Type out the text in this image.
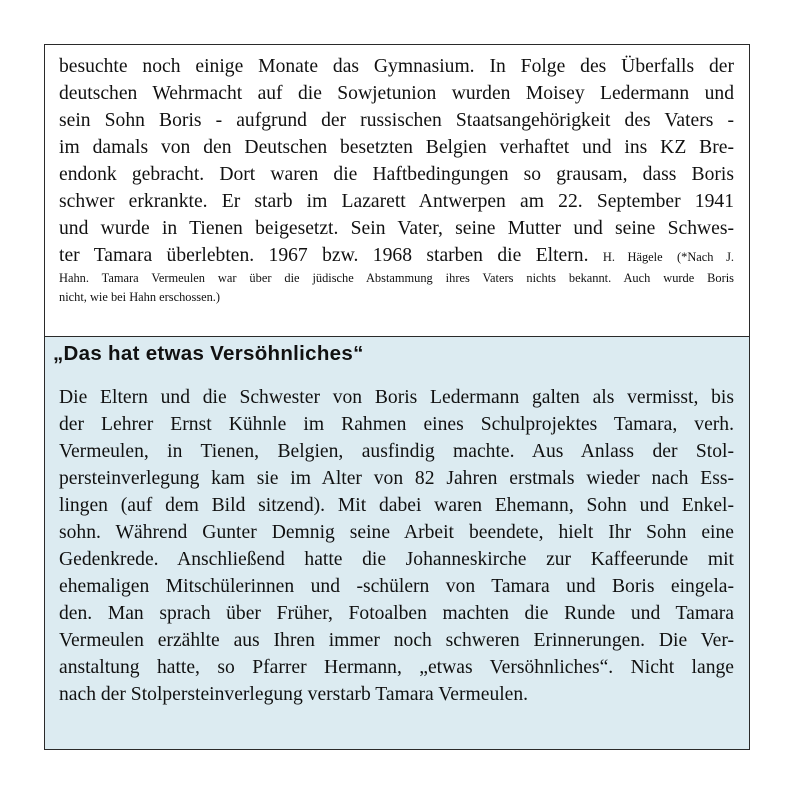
besuchte noch einige Monate das Gymnasium. In Folge des Überfalls der
deutschen Wehrmacht auf die Sowjetunion wurden Moisey Ledermann und
sein Sohn Boris - aufgrund der russischen Staatsangehörigkeit des Vaters -
im damals von den Deutschen besetzten Belgien verhaftet und ins KZ Bre-
endonk gebracht. Dort waren die Haftbedingungen so grausam, dass Boris
schwer erkrankte. Er starb im Lazarett Antwerpen am 22. September 1941
und wurde in Tienen beigesetzt. Sein Vater, seine Mutter und seine Schwes-
ter Tamara überlebten. 1967 bzw. 1968 starben die Eltern. H. Hägele (*Nach J.
Hahn. Tamara Vermeulen war über die jüdische Abstammung ihres Vaters nichts bekannt. Auch wurde Boris
nicht, wie bei Hahn erschossen.)
„Das hat etwas Versöhnliches“
Die Eltern und die Schwester von Boris Ledermann galten als vermisst, bis
der Lehrer Ernst Kühnle im Rahmen eines Schulprojektes Tamara, verh.
Vermeulen, in Tienen, Belgien, ausfindig machte. Aus Anlass der Stol-
persteinverlegung kam sie im Alter von 82 Jahren erstmals wieder nach Ess-
lingen (auf dem Bild sitzend). Mit dabei waren Ehemann, Sohn und Enkel-
sohn. Während Gunter Demnig seine Arbeit beendete, hielt Ihr Sohn eine
Gedenkrede. Anschließend hatte die Johanneskirche zur Kaffeerunde mit
ehemaligen Mitschülerinnen und -schülern von Tamara und Boris eingela-
den. Man sprach über Früher, Fotoalben machten die Runde und Tamara
Vermeulen erzählte aus Ihren immer noch schweren Erinnerungen. Die Ver-
anstaltung hatte, so Pfarrer Hermann, „etwas Versöhnliches“. Nicht lange
nach der Stolpersteinverlegung verstarb Tamara Vermeulen.
